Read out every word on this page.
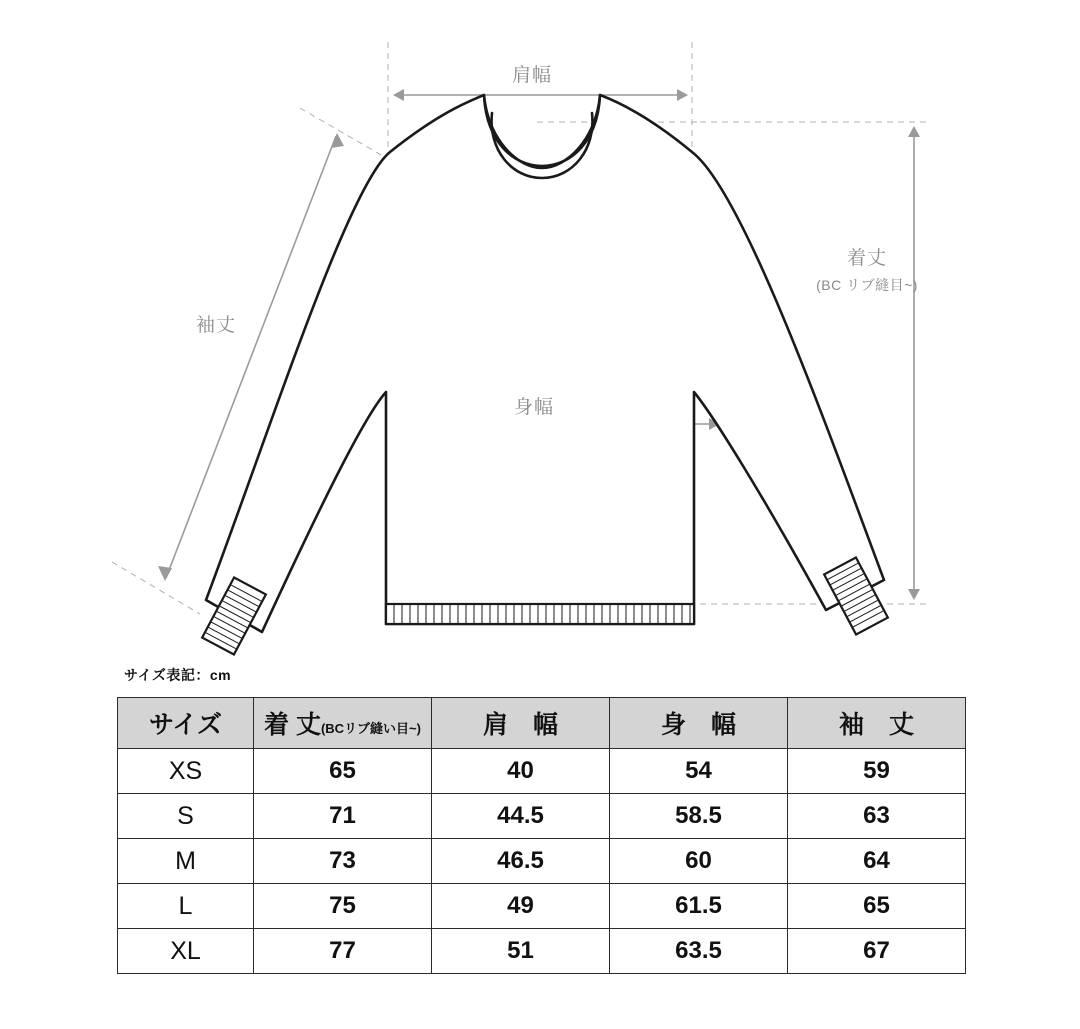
肩幅
袖丈
身幅
着丈
(BC リブ縫目~)
サイズ表記：cm
サイズ	着 丈(BCリブ縫い目~)	肩　幅	身　幅	袖　丈
XS	65	40	54	59
S	71	44.5	58.5	63
M	73	46.5	60	64
L	75	49	61.5	65
XL	77	51	63.5	67
